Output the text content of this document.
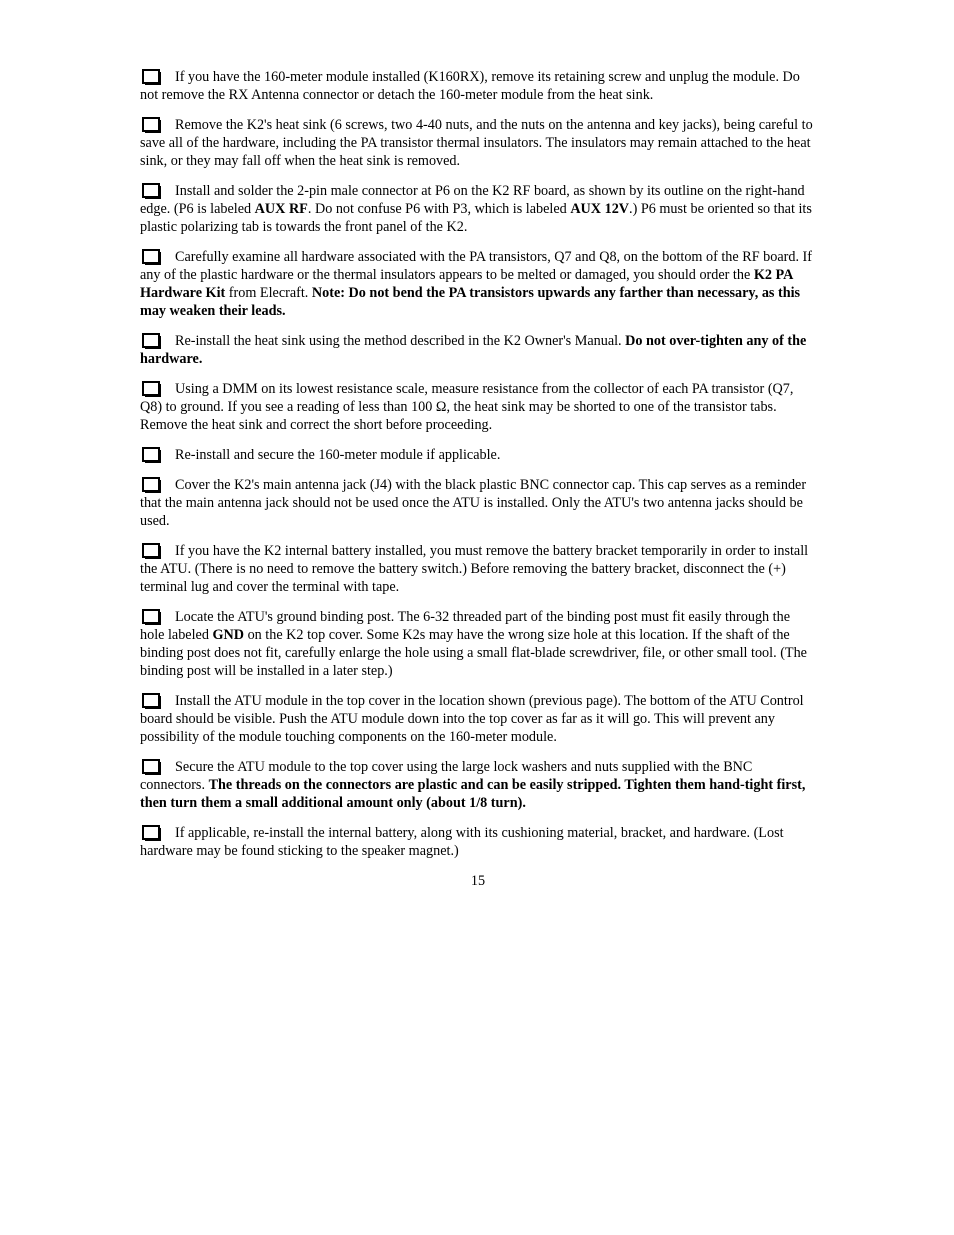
If you have the 160-meter module installed (K160RX), remove its retaining screw and unplug the module. Do not remove the RX Antenna connector or detach the 160-meter module from the heat sink.

Remove the K2's heat sink (6 screws, two 4-40 nuts, and the nuts on the antenna and key jacks), being careful to save all of the hardware, including the PA transistor thermal insulators. The insulators may remain attached to the heat sink, or they may fall off when the heat sink is removed.

Install and solder the 2-pin male connector at P6 on the K2 RF board, as shown by its outline on the right-hand edge. (P6 is labeled AUX RF. Do not confuse P6 with P3, which is labeled AUX 12V.) P6 must be oriented so that its plastic polarizing tab is towards the front panel of the K2.

Carefully examine all hardware associated with the PA transistors, Q7 and Q8, on the bottom of the RF board. If any of the plastic hardware or the thermal insulators appears to be melted or damaged, you should order the K2 PA Hardware Kit from Elecraft. Note: Do not bend the PA transistors upwards any farther than necessary, as this may weaken their leads.

Re-install the heat sink using the method described in the K2 Owner's Manual. Do not over-tighten any of the hardware.

Using a DMM on its lowest resistance scale, measure resistance from the collector of each PA transistor (Q7, Q8) to ground. If you see a reading of less than 100 Ω, the heat sink may be shorted to one of the transistor tabs. Remove the heat sink and correct the short before proceeding.

Re-install and secure the 160-meter module if applicable.

Cover the K2's main antenna jack (J4) with the black plastic BNC connector cap. This cap serves as a reminder that the main antenna jack should not be used once the ATU is installed. Only the ATU's two antenna jacks should be used.

If you have the K2 internal battery installed, you must remove the battery bracket temporarily in order to install the ATU. (There is no need to remove the battery switch.) Before removing the battery bracket, disconnect the (+) terminal lug and cover the terminal with tape.

Locate the ATU's ground binding post. The 6-32 threaded part of the binding post must fit easily through the hole labeled GND on the K2 top cover. Some K2s may have the wrong size hole at this location. If the shaft of the binding post does not fit, carefully enlarge the hole using a small flat-blade screwdriver, file, or other small tool. (The binding post will be installed in a later step.)

Install the ATU module in the top cover in the location shown (previous page). The bottom of the ATU Control board should be visible. Push the ATU module down into the top cover as far as it will go. This will prevent any possibility of the module touching components on the 160-meter module.

Secure the ATU module to the top cover using the large lock washers and nuts supplied with the BNC connectors. The threads on the connectors are plastic and can be easily stripped. Tighten them hand-tight first, then turn them a small additional amount only (about 1/8 turn).

If applicable, re-install the internal battery, along with its cushioning material, bracket, and hardware. (Lost hardware may be found sticking to the speaker magnet.)

15
